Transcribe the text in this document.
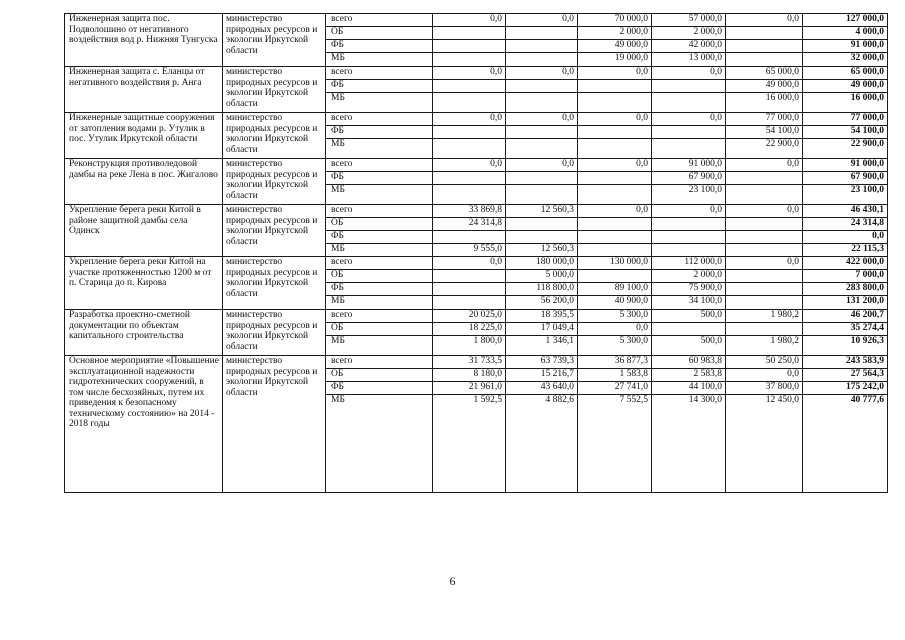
Инженерная защита пос. Подволошино от негативного воздействия вод р. Нижняя Тунгуска	министерство природных ресурсов и экологии Иркутской области	всего	0,0	0,0	70 000,0	57 000,0	0,0	127 000,0
		ОБ			2 000,0	2 000,0		4 000,0
		ФБ			49 000,0	42 000,0		91 000,0
		МБ			19 000,0	13 000,0		32 000,0
Инженерная защита с. Еланцы от негативного воздействия р. Анга	министерство природных ресурсов и экологии Иркутской области	всего	0,0	0,0	0,0	0,0	65 000,0	65 000,0
		ФБ					49 000,0	49 000,0
		МБ					16 000,0	16 000,0
Инженерные защитные сооружения от затопления водами р. Утулик в пос. Утулик Иркутской области	министерство природных ресурсов и экологии Иркутской области	всего	0,0	0,0	0,0	0,0	77 000,0	77 000,0
		ФБ					54 100,0	54 100,0
		МБ					22 900,0	22 900,0
Реконструкция противоледовой дамбы на реке Лена в пос. Жигалово	министерство природных ресурсов и экологии Иркутской области	всего	0,0	0,0	0,0	91 000,0	0,0	91 000,0
		ФБ				67 900,0		67 900,0
		МБ				23 100,0		23 100,0
Укрепление берега реки Китой в районе защитной дамбы села Одинск	министерство природных ресурсов и экологии Иркутской области	всего	33 869,8	12 560,3	0,0	0,0	0,0	46 430,1
		ОБ	24 314,8					24 314,8
		ФБ						0,0
		МБ	9 555,0	12 560,3				22 115,3
Укрепление берега реки Китой на участке протяженностью 1200 м от п. Старица до п. Кирова	министерство природных ресурсов и экологии Иркутской области	всего	0,0	180 000,0	130 000,0	112 000,0	0,0	422 000,0
		ОБ		5 000,0		2 000,0		7 000,0
		ФБ		118 800,0	89 100,0	75 900,0		283 800,0
		МБ		56 200,0	40 900,0	34 100,0		131 200,0
Разработка проектно-сметной документации по объектам капитального строительства	министерство природных ресурсов и экологии Иркутской области	всего	20 025,0	18 395,5	5 300,0	500,0	1 980,2	46 200,7
		ОБ	18 225,0	17 049,4	0,0			35 274,4
		МБ	1 800,0	1 346,1	5 300,0	500,0	1 980,2	10 926,3
Основное мероприятие «Повышение эксплуатационной надежности гидротехнических сооружений, в том числе бесхозяйных, путем их приведения к безопасному техническому состоянию» на 2014 - 2018 годы	министерство природных ресурсов и экологии Иркутской области	всего	31 733,5	63 739,3	36 877,3	60 983,8	50 250,0	243 583,9
		ОБ	8 180,0	15 216,7	1 583,8	2 583,8	0,0	27 564,3
		ФБ	21 961,0	43 640,0	27 741,0	44 100,0	37 800,0	175 242,0
		МБ	1 592,5	4 882,6	7 552,5	14 300,0	12 450,0	40 777,6
6
